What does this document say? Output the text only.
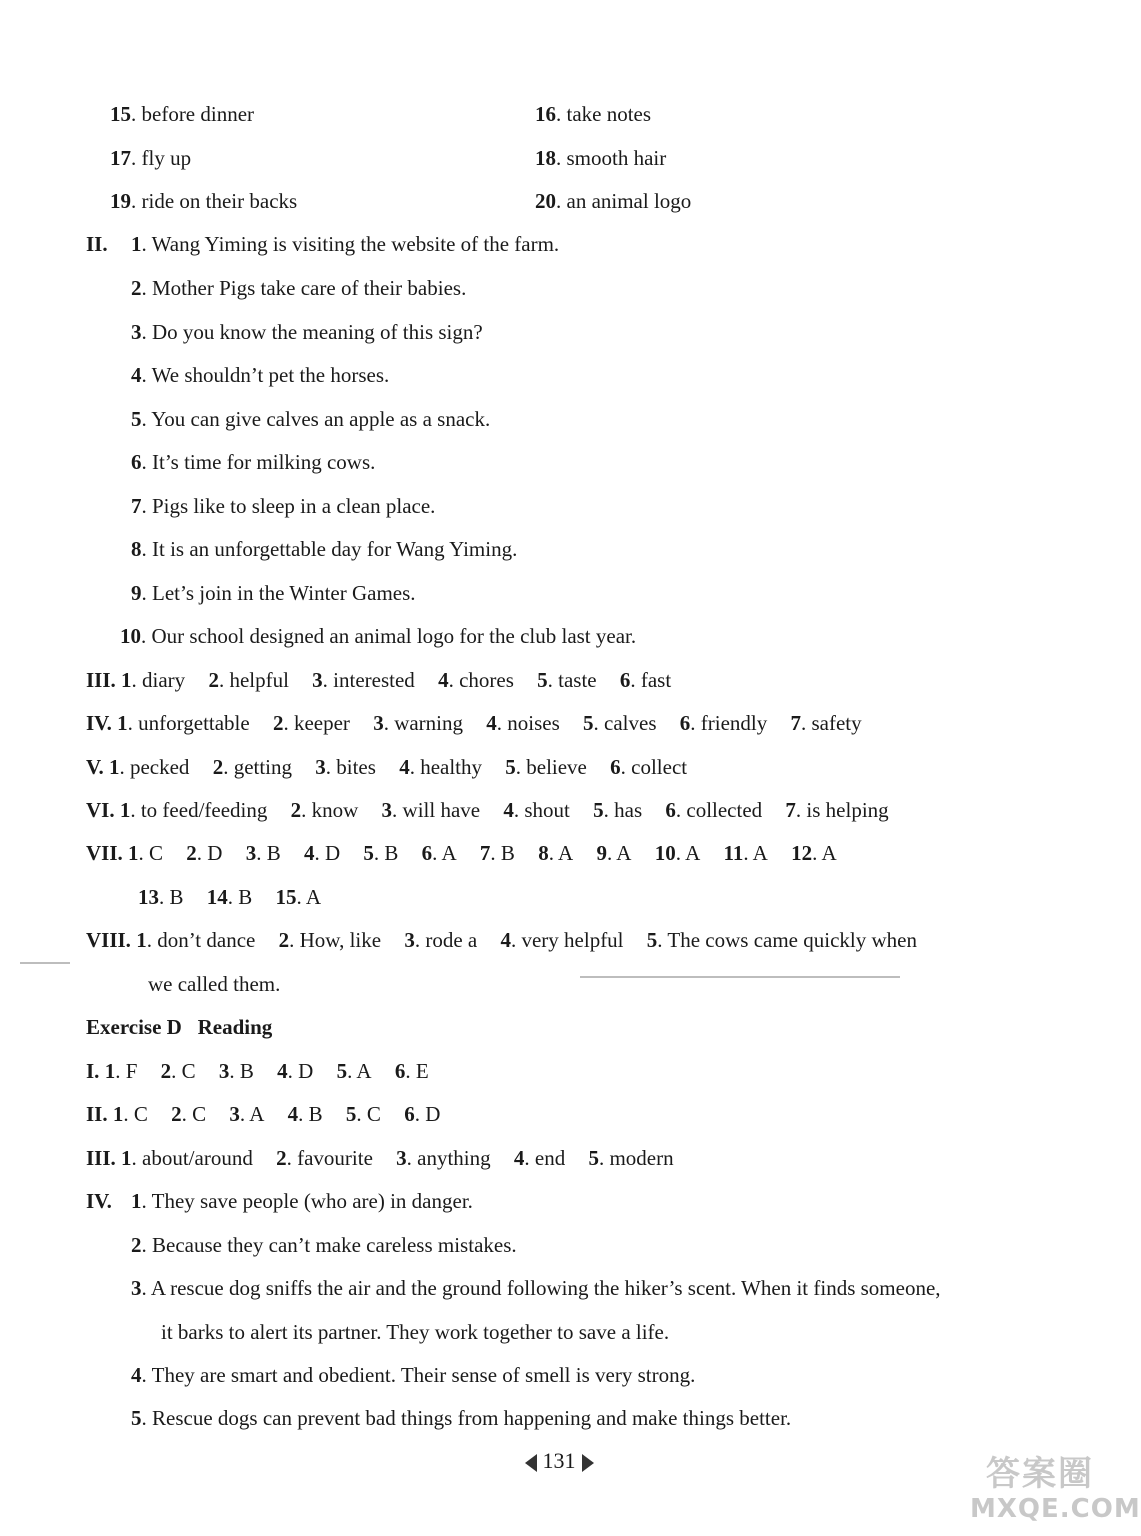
15. before dinner	16. take notes
17. fly up	18. smooth hair
19. ride on their backs	20. an animal logo
II. 1. Wang Yiming is visiting the website of the farm.
2. Mother Pigs take care of their babies.
3. Do you know the meaning of this sign?
4. We shouldn’t pet the horses.
5. You can give calves an apple as a snack.
6. It’s time for milking cows.
7. Pigs like to sleep in a clean place.
8. It is an unforgettable day for Wang Yiming.
9. Let’s join in the Winter Games.
10. Our school designed an animal logo for the club last year.
III. 1. diary 2. helpful 3. interested 4. chores 5. taste 6. fast
IV. 1. unforgettable 2. keeper 3. warning 4. noises 5. calves 6. friendly 7. safety
V. 1. pecked 2. getting 3. bites 4. healthy 5. believe 6. collect
VI. 1. to feed/feeding 2. know 3. will have 4. shout 5. has 6. collected 7. is helping
VII. 1. C 2. D 3. B 4. D 5. B 6. A 7. B 8. A 9. A 10. A 11. A 12. A
13. B 14. B 15. A
VIII. 1. don’t dance 2. How, like 3. rode a 4. very helpful 5. The cows came quickly when
we called them.
Exercise D Reading
I. 1. F 2. C 3. B 4. D 5. A 6. E
II. 1. C 2. C 3. A 4. B 5. C 6. D
III. 1. about/around 2. favourite 3. anything 4. end 5. modern
IV. 1. They save people (who are) in danger.
2. Because they can’t make careless mistakes.
3. A rescue dog sniffs the air and the ground following the hiker’s scent. When it finds someone,
it barks to alert its partner. They work together to save a life.
4. They are smart and obedient. Their sense of smell is very strong.
5. Rescue dogs can prevent bad things from happening and make things better.
131	答案圈
MXQE.COM
